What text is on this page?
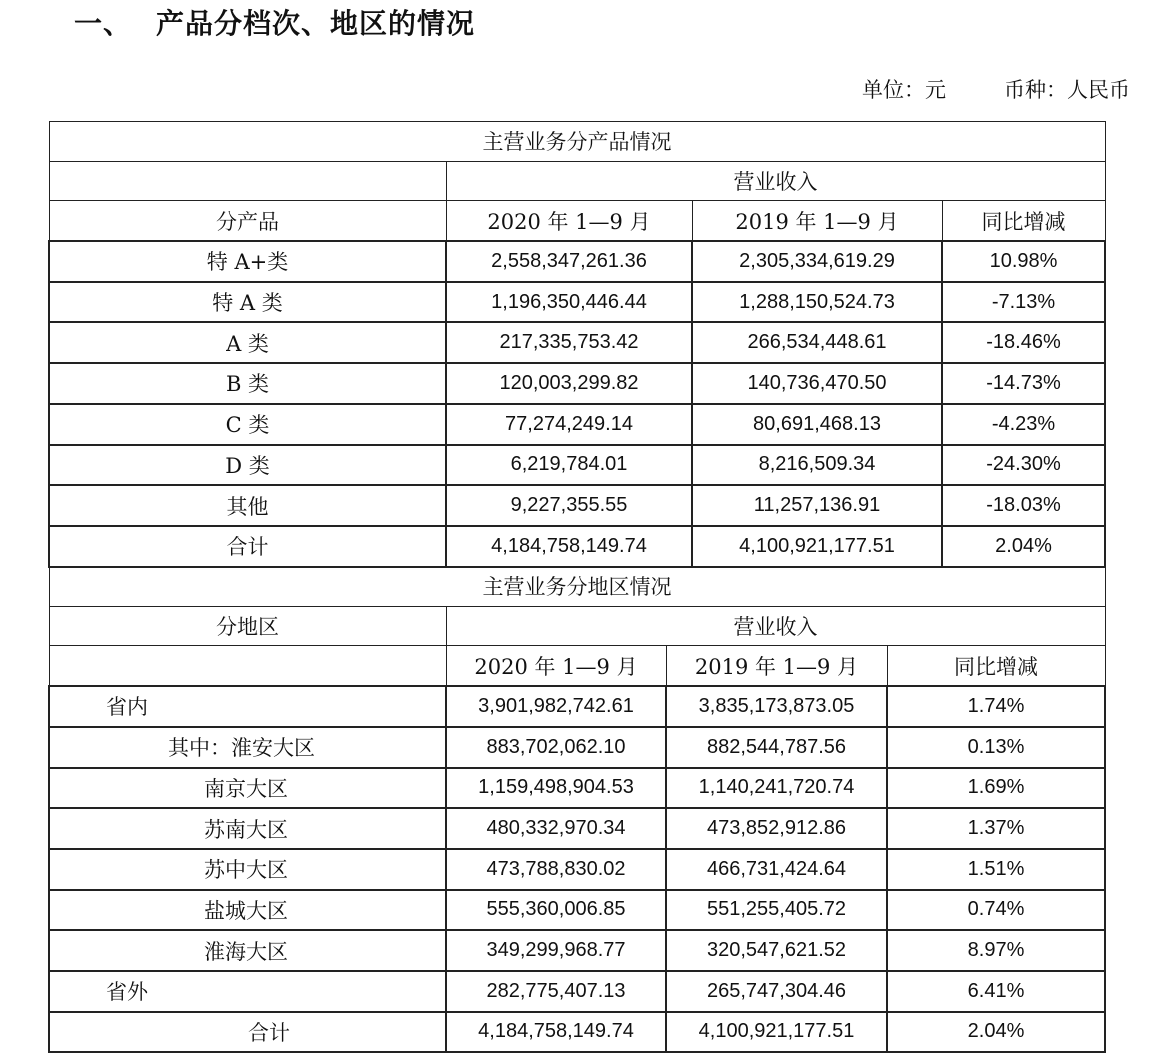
一、 产品分档次、地区的情况
单位：元	币种：人民币
主营业务分产品情况			
	营业收入		
分产品	2020 年 1—9 月	2019 年 1—9 月	同比增减
特 A+类	2,558,347,261.36	2,305,334,619.29	10.98%
特 A 类	1,196,350,446.44	1,288,150,524.73	-7.13%
A 类	217,335,753.42	266,534,448.61	-18.46%
B 类	120,003,299.82	140,736,470.50	-14.73%
C 类	77,274,249.14	80,691,468.13	-4.23%
D 类	6,219,784.01	8,216,509.34	-24.30%
其他	9,227,355.55	11,257,136.91	-18.03%
合计	4,184,758,149.74	4,100,921,177.51	2.04%
主营业务分地区情况			
分地区	营业收入		
	2020 年 1—9 月	2019 年 1—9 月	同比增减
省内	3,901,982,742.61	3,835,173,873.05	1.74%
其中：淮安大区	883,702,062.10	882,544,787.56	0.13%
南京大区	1,159,498,904.53	1,140,241,720.74	1.69%
苏南大区	480,332,970.34	473,852,912.86	1.37%
苏中大区	473,788,830.02	466,731,424.64	1.51%
盐城大区	555,360,006.85	551,255,405.72	0.74%
淮海大区	349,299,968.77	320,547,621.52	8.97%
省外	282,775,407.13	265,747,304.46	6.41%
合计	4,184,758,149.74	4,100,921,177.51	2.04%
